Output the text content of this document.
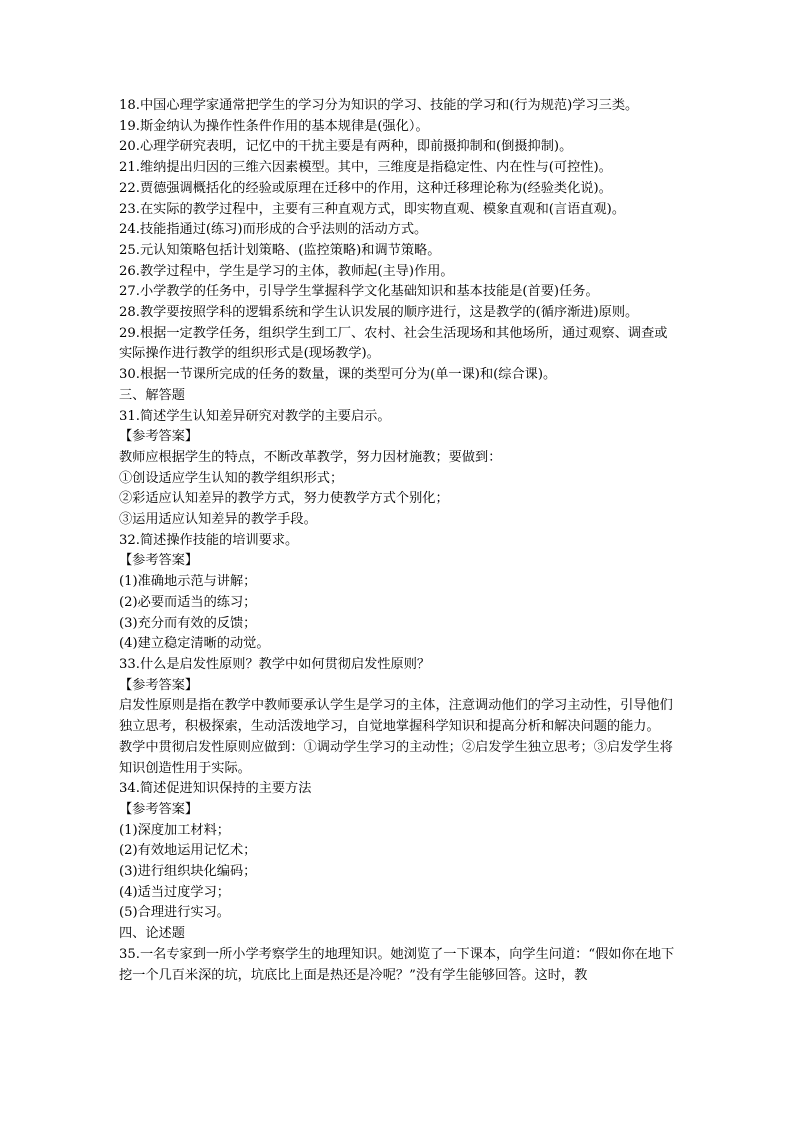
18.中国心理学家通常把学生的学习分为知识的学习、技能的学习和(行为规范)学习三类。
19.斯金纳认为操作性条件作用的基本规律是(强化）。
20.心理学研究表明，记忆中的干扰主要是有两种，即前摄抑制和(倒摄抑制)。
21.维纳提出归因的三维六因素模型。其中，三维度是指稳定性、内在性与(可控性)。
22.贾德强调概括化的经验或原理在迁移中的作用，这种迁移理论称为(经验类化说)。
23.在实际的教学过程中，主要有三种直观方式，即实物直观、模象直观和(言语直观)。
24.技能指通过(练习)而形成的合乎法则的活动方式。
25.元认知策略包括计划策略、(监控策略)和调节策略。
26.教学过程中，学生是学习的主体，教师起(主导)作用。
27.小学教学的任务中，引导学生掌握科学文化基础知识和基本技能是(首要)任务。
28.教学要按照学科的逻辑系统和学生认识发展的顺序进行，这是教学的(循序渐进)原则。
29.根据一定教学任务，组织学生到工厂、农村、社会生活现场和其他场所，通过观察、调查或实际操作进行教学的组织形式是(现场教学)。
30.根据一节课所完成的任务的数量，课的类型可分为(单一课)和(综合课)。
三、解答题
31.简述学生认知差异研究对教学的主要启示。
【参考答案】
教师应根据学生的特点，不断改革教学，努力因材施教；要做到：
①创设适应学生认知的教学组织形式；
②彩适应认知差异的教学方式，努力使教学方式个别化；
③运用适应认知差异的教学手段。
32.简述操作技能的培训要求。
【参考答案】
(1)准确地示范与讲解；
(2)必要而适当的练习；
(3)充分而有效的反馈；
(4)建立稳定清晰的动觉。
33.什么是启发性原则？教学中如何贯彻启发性原则？
【参考答案】
启发性原则是指在教学中教师要承认学生是学习的主体，注意调动他们的学习主动性，引导他们独立思考，积极探索，生动活泼地学习，自觉地掌握科学知识和提高分析和解决问题的能力。
教学中贯彻启发性原则应做到：①调动学生学习的主动性；②启发学生独立思考；③启发学生将知识创造性用于实际。
34.简述促进知识保持的主要方法
【参考答案】
(1)深度加工材料；
(2)有效地运用记忆术；
(3)进行组织块化编码；
(4)适当过度学习；
(5)合理进行实习。
四、论述题
35.一名专家到一所小学考察学生的地理知识。她浏览了一下课本，向学生问道：“假如你在地下挖一个几百米深的坑，坑底比上面是热还是冷呢？”没有学生能够回答。这时，教
